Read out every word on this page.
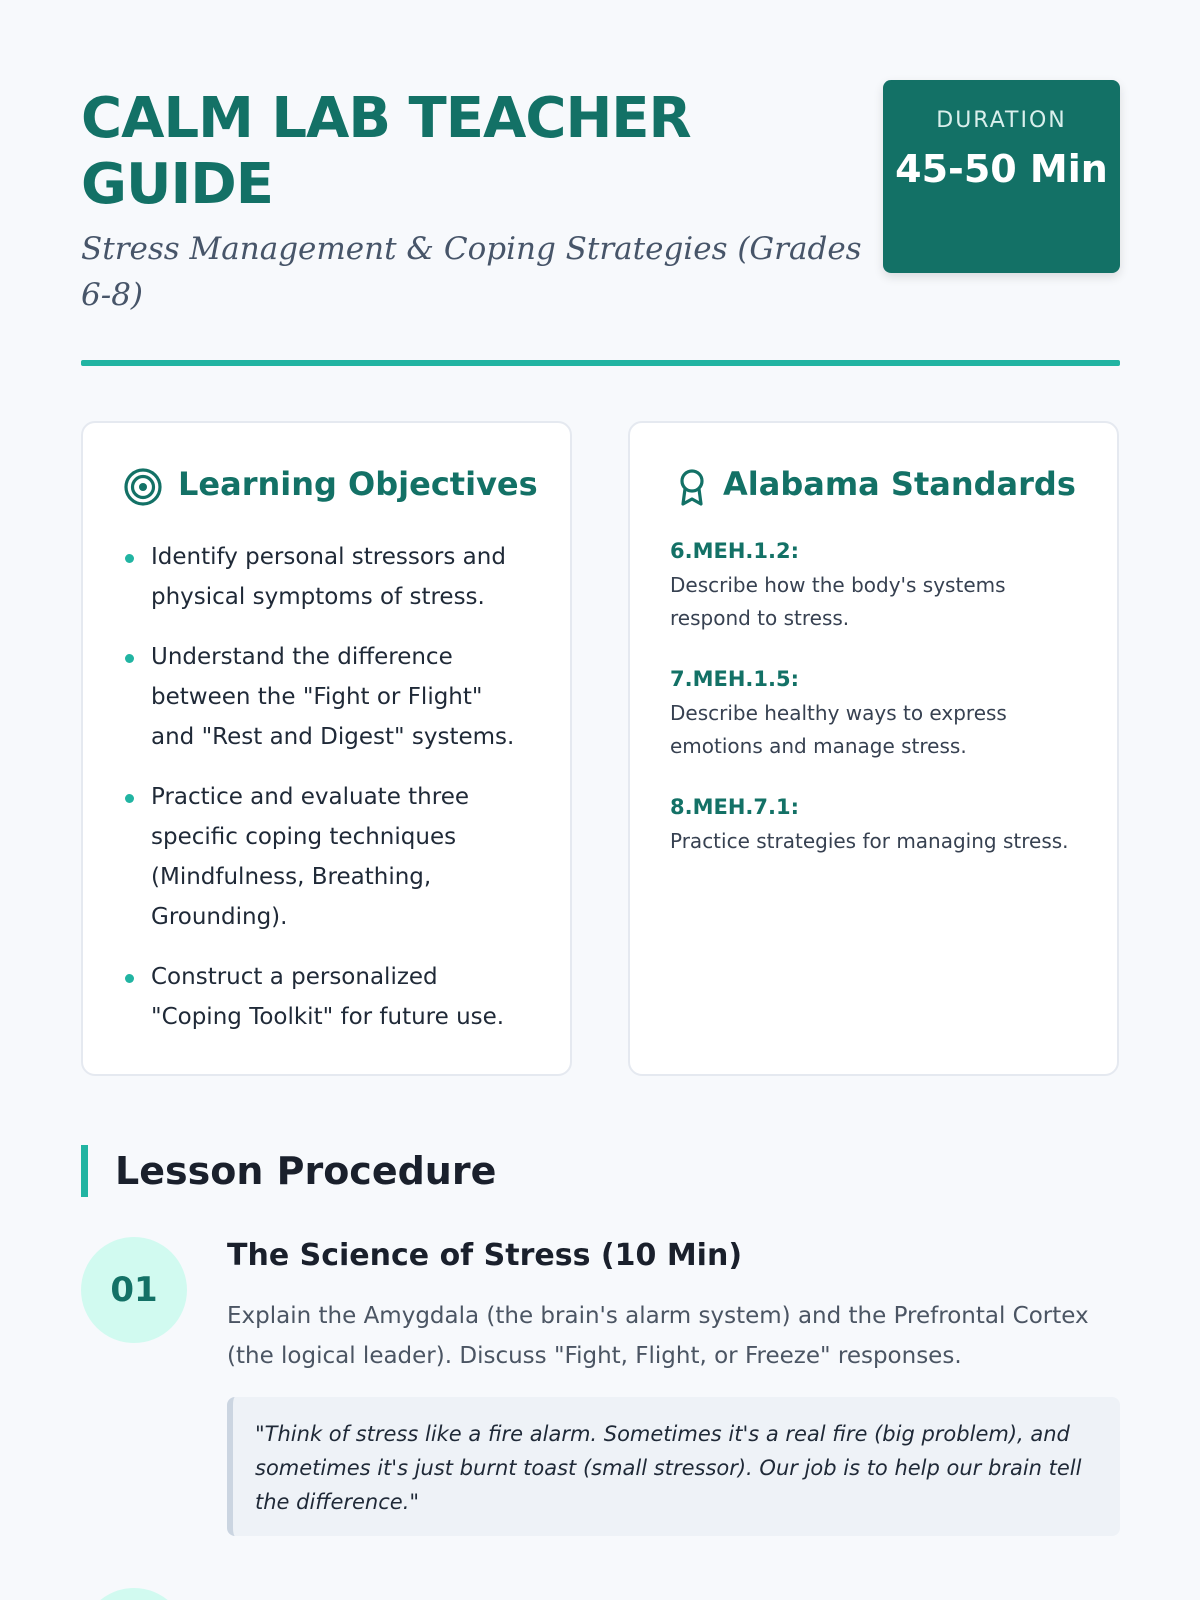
CALM LAB TEACHER GUIDE
Stress Management & Coping Strategies (Grades 6-8)
DURATION
45-50 Min
Learning Objectives
Identify personal stressors and physical symptoms of stress.
Understand the difference between the "Fight or Flight" and "Rest and Digest" systems.
Practice and evaluate three specific coping techniques (Mindfulness, Breathing, Grounding).
Construct a personalized "Coping Toolkit" for future use.
Alabama Standards
6.MEH.1.2:
Describe how the body's systems respond to stress.
7.MEH.1.5:
Describe healthy ways to express emotions and manage stress.
8.MEH.7.1:
Practice strategies for managing stress.
Lesson Procedure
01
The Science of Stress (10 Min)

Explain the Amygdala (the brain's alarm system) and the Prefrontal Cortex (the logical leader). Discuss "Fight, Flight, or Freeze" responses.

"Think of stress like a fire alarm. Sometimes it's a real fire (big problem), and sometimes it's just burnt toast (small stressor). Our job is to help our brain tell the difference."
